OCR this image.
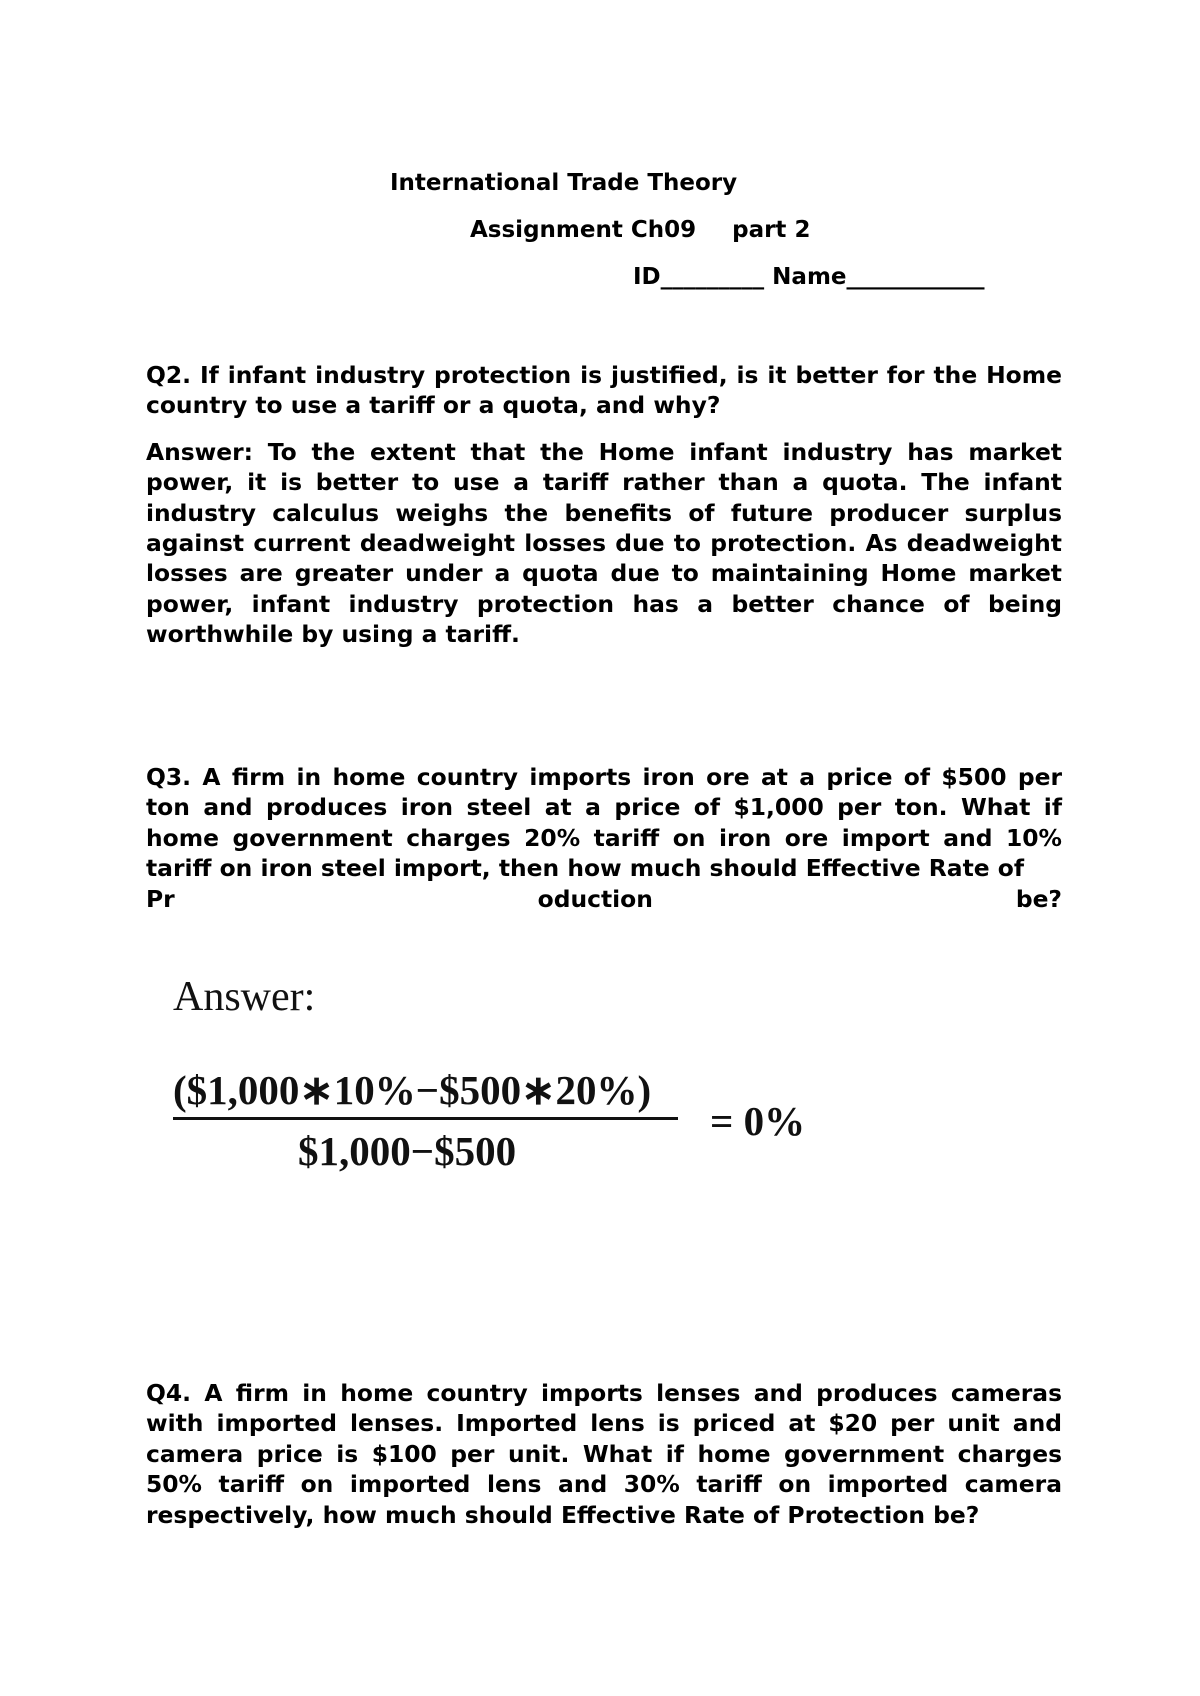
International Trade Theory
Assignment Ch09 part 2
ID_________ Name____________

Q2. If infant industry protection is justified, is it better for the Home country to use a tariff or a quota, and why?

Answer: To the extent that the Home infant industry has market power, it is better to use a tariff rather than a quota. The infant industry calculus weighs the benefits of future producer surplus against current deadweight losses due to protection. As deadweight losses are greater under a quota due to maintaining Home market power, infant industry protection has a better chance of being worthwhile by using a tariff.

Q3. A firm in home country imports iron ore at a price of $500 per ton and produces iron steel at a price of $1,000 per ton. What if home government charges 20% tariff on iron ore import and 10% tariff on iron steel import, then how much should Effective Rate of

Pr                                oduction                                be?

Answer:
($1,000∗10%−$500∗20%)
$1,000−$500
= 0%

Q4. A firm in home country imports lenses and produces cameras with imported lenses. Imported lens is priced at $20 per unit and camera price is $100 per unit. What if home government charges 50% tariff on imported lens and 30% tariff on imported camera respectively, how much should Effective Rate of Protection be?
